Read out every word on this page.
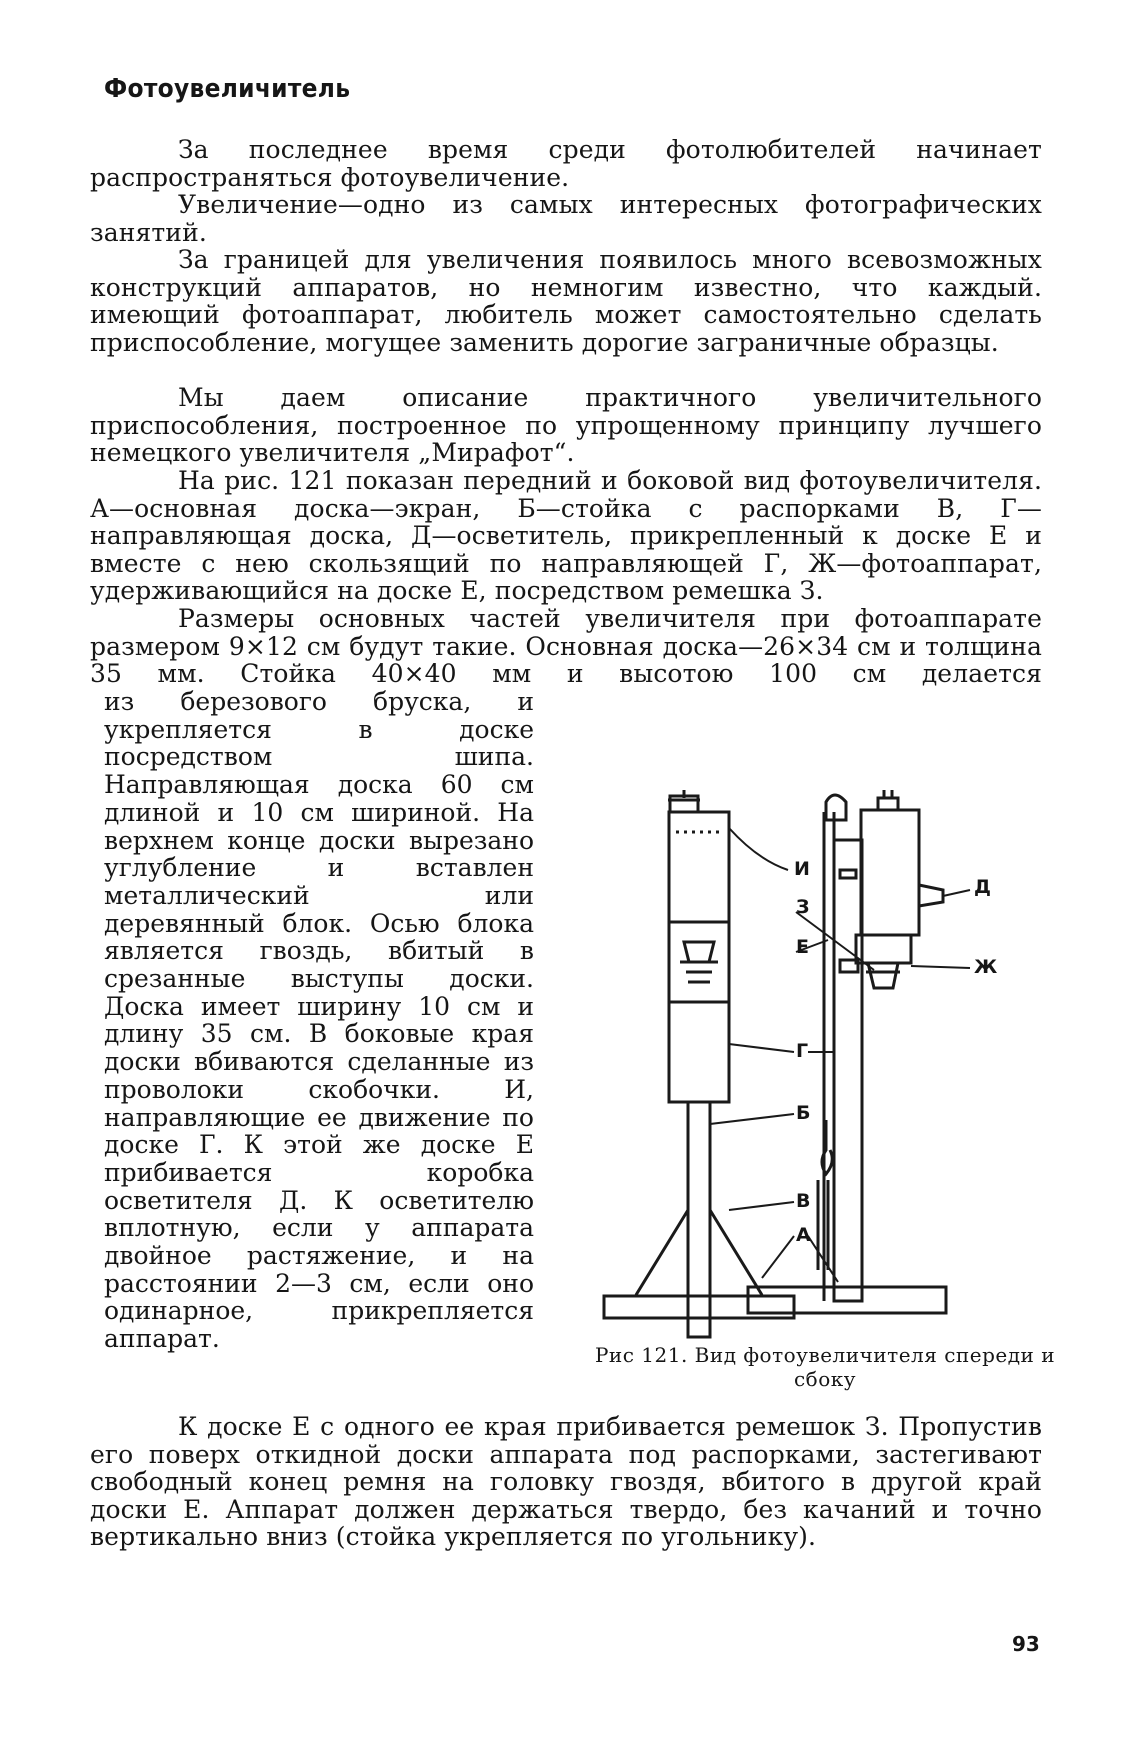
Фотоувеличитель

За последнее время среди фотолюбителей начинает распространяться фотоувеличение.

Увеличение—одно из самых интересных фотографических занятий.

За границей для увеличения появилось много всевозможных конструкций аппаратов, но немногим известно, что каждый. имеющий фотоаппарат, любитель может самостоятельно сделать приспособление, могущее заменить дорогие заграничные образцы.

Мы даем описание практичного увеличительного приспособления, построенное по упрощенному принципу лучшего немецкого увеличителя „Мирафот“.

На рис. 121 показан передний и боковой вид фотоувеличителя. А—основная доска—экран, Б—стойка с распорками В, Г—направляющая доска, Д—осветитель, прикрепленный к доске Е и вместе с нею скользящий по направляющей Г, Ж—фотоаппарат, удерживающийся на доске Е, посредством ремешка З.

Размеры основных частей увеличителя при фотоаппарате размером 9×12 см будут такие. Основная доска—26×34 см и толщина 35 мм. Стойка 40×40 мм и высотою 100 см делается

из березового бруска, и укрепляется в доске посредством шипа. Направляющая доска 60 см длиной и 10 см шириной. На верхнем конце доски вырезано углубление и вставлен металлический или деревянный блок. Осью блока является гвоздь, вбитый в срезанные выступы доски. Доска имеет ширину 10 см и длину 35 см. В боковые края доски вбиваются сделанные из проволоки скобочки. И, направляющие ее движение по доске Г. К этой же доске Е прибивается коробка осветителя Д. К осветителю вплотную, если у аппарата двойное растяжение, и на расстоянии 2—3 см, если оно одинарное, прикрепляется аппарат.

И
З
Е
Г
Б
В
А
Д
Ж

Рис 121. Вид фотоувеличителя спереди и сбоку

К доске Е с одного ее края прибивается ремешок З. Пропустив его поверх откидной доски аппарата под распорками, застегивают свободный конец ремня на головку гвоздя, вбитого в другой край доски Е. Аппарат должен держаться твердо, без качаний и точно вертикально вниз (стойка укрепляется по угольнику).

93
